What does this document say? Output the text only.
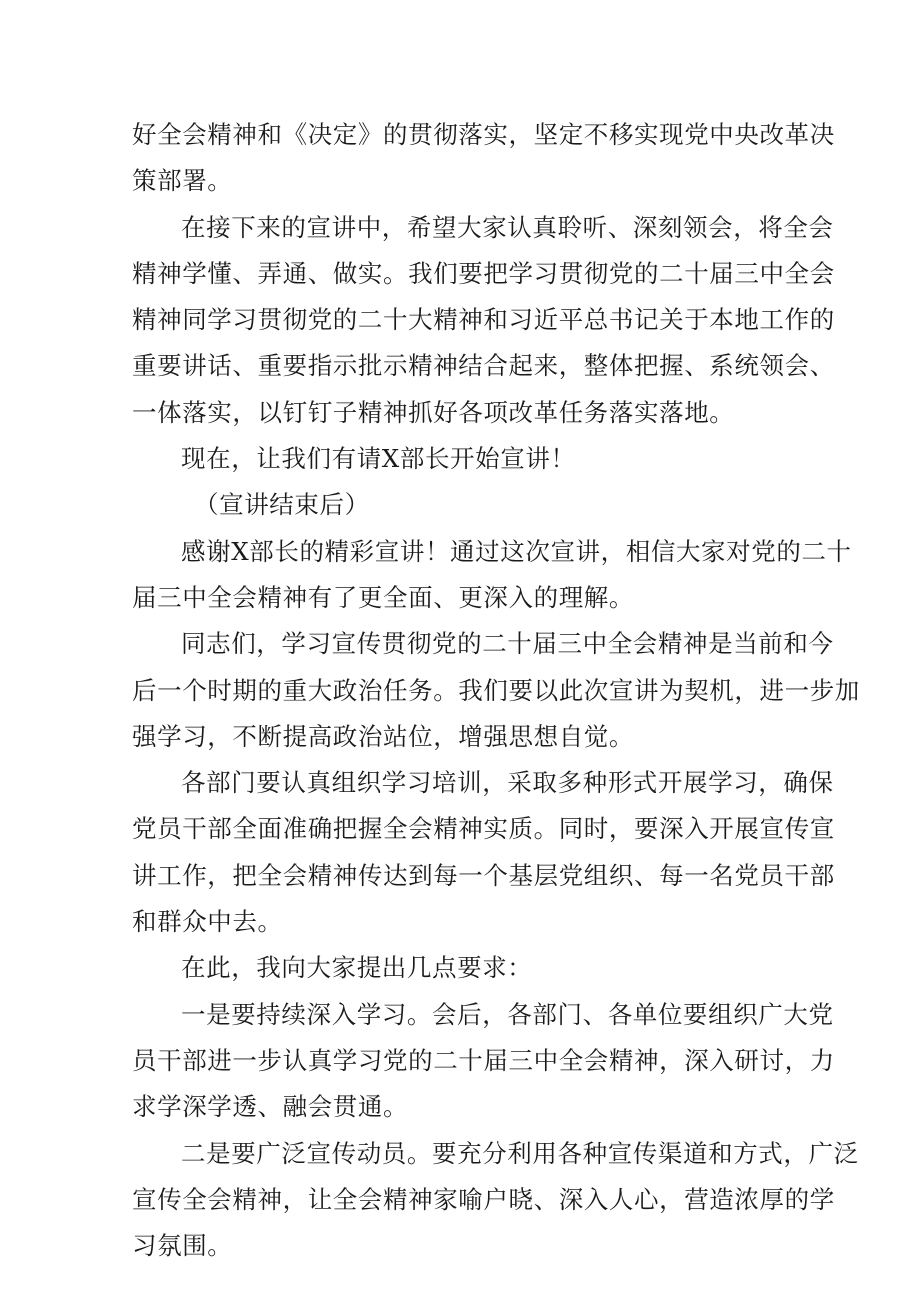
好全会精神和《决定》的贯彻落实，坚定不移实现党中央改革决
策部署。

在接下来的宣讲中，希望大家认真聆听、深刻领会，将全会
精神学懂、弄通、做实。我们要把学习贯彻党的二十届三中全会
精神同学习贯彻党的二十大精神和习近平总书记关于本地工作的
重要讲话、重要指示批示精神结合起来，整体把握、系统领会、
一体落实，以钉钉子精神抓好各项改革任务落实落地。

现在，让我们有请X部长开始宣讲！

（宣讲结束后）

感谢X部长的精彩宣讲！通过这次宣讲，相信大家对党的二十
届三中全会精神有了更全面、更深入的理解。

同志们，学习宣传贯彻党的二十届三中全会精神是当前和今
后一个时期的重大政治任务。我们要以此次宣讲为契机，进一步加
强学习，不断提高政治站位，增强思想自觉。

各部门要认真组织学习培训，采取多种形式开展学习，确保
党员干部全面准确把握全会精神实质。同时，要深入开展宣传宣
讲工作，把全会精神传达到每一个基层党组织、每一名党员干部
和群众中去。

在此，我向大家提出几点要求：

一是要持续深入学习。会后，各部门、各单位要组织广大党
员干部进一步认真学习党的二十届三中全会精神，深入研讨，力
求学深学透、融会贯通。

二是要广泛宣传动员。要充分利用各种宣传渠道和方式，广泛
宣传全会精神，让全会精神家喻户晓、深入人心，营造浓厚的学
习氛围。
